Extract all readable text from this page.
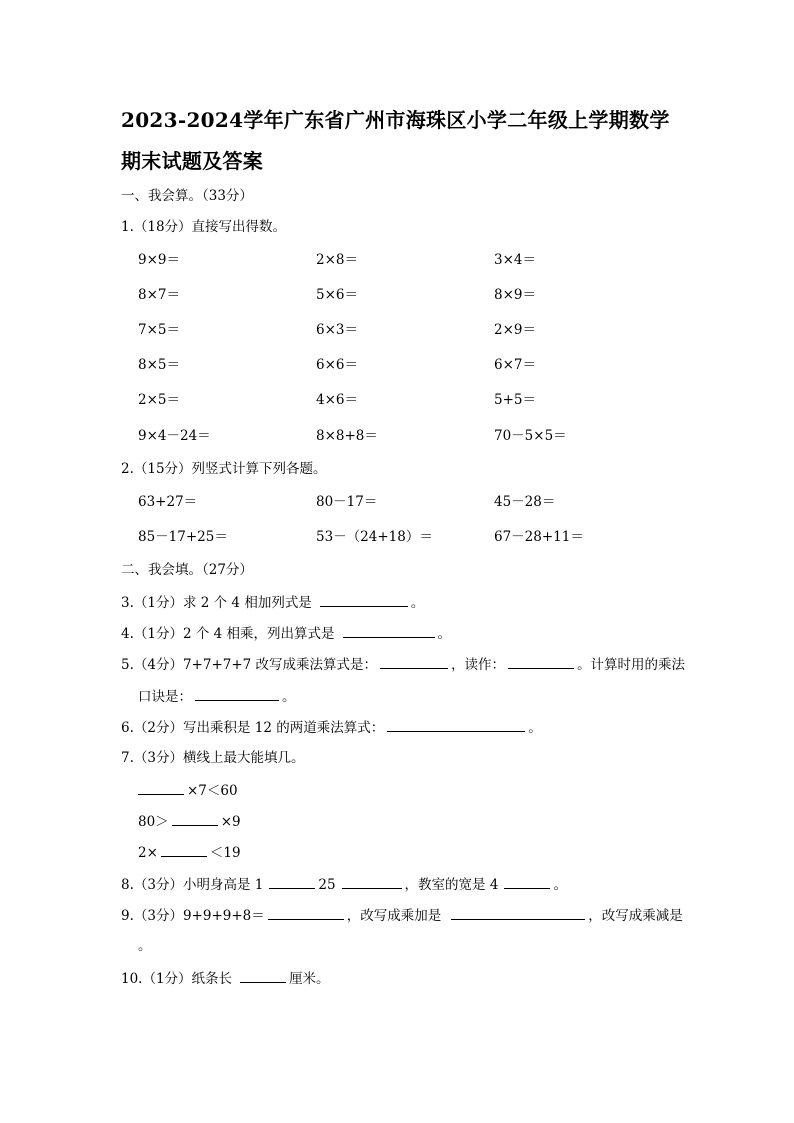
2023-2024学年广东省广州市海珠区小学二年级上学期数学
期末试题及答案
一、我会算。（33分）
1.（18分）直接写出得数。
9×9＝	2×8＝	3×4＝
8×7＝	5×6＝	8×9＝
7×5＝	6×3＝	2×9＝
8×5＝	6×6＝	6×7＝
2×5＝	4×6＝	5+5＝
9×4－24＝	8×8+8＝	70－5×5＝
2.（15分）列竖式计算下列各题。
63+27＝	80－17＝	45－28＝
85－17+25＝	53－（24+18）＝	67－28+11＝
二、我会填。（27分）
3.（1分）求 2 个 4 相加列式是	。
4.（1分）2 个 4 相乘，列出算式是	。
5.（4分）7+7+7+7 改写成乘法算式是：	，读作：	。计算时用的乘法
口诀是：	。
6.（2分）写出乘积是 12 的两道乘法算式：	。
7.（3分）横线上最大能填几。
×7＜60
80＞	×9
2×	＜19
8.（3分）小明身高是 1	25	，教室的宽是 4	。
9.（3分）9+9+9+8＝	，改写成乘加是	，改写成乘减是
。
10.（1分）纸条长	厘米。
